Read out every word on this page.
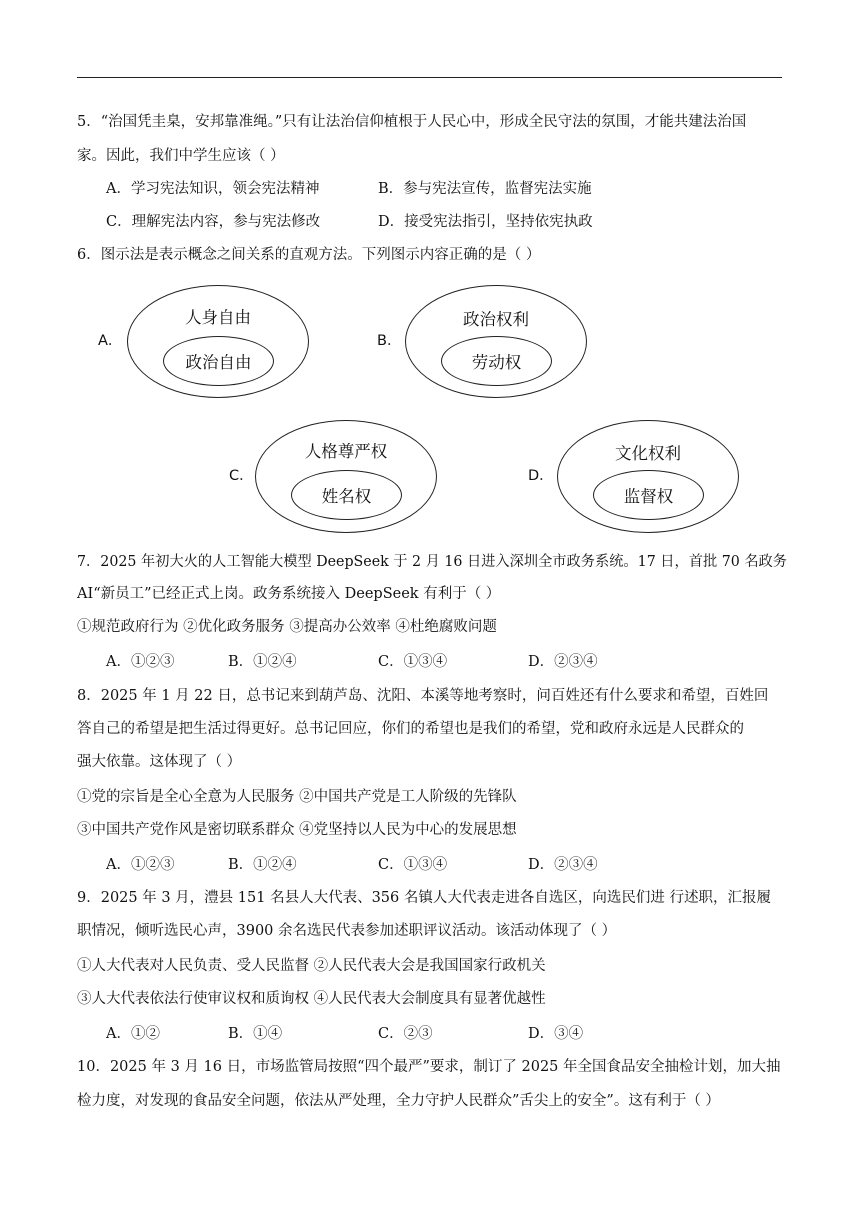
5．“治国凭圭臬，安邦靠准绳。”只有让法治信仰植根于人民心中，形成全民守法的氛围，才能共建法治国
家。因此，我们中学生应该（ ）
A．学习宪法知识，领会宪法精神	B．参与宪法宣传，监督宪法实施
C．理解宪法内容，参与宪法修改	D．接受宪法指引，坚持依宪执政
6．图示法是表示概念之间关系的直观方法。下列图示内容正确的是（ ）
A．
人身自由
政治自由
B．
政治权利
劳动权
C．
人格尊严权
姓名权
D．
文化权利
监督权
7．2025 年初大火的人工智能大模型 DeepSeek 于 2 月 16 日进入深圳全市政务系统。17 日，首批 70 名政务
AI“新员工”已经正式上岗。政务系统接入 DeepSeek 有利于（ ）
①规范政府行为 ②优化政务服务 ③提高办公效率 ④杜绝腐败问题
A．①②③	B．①②④	C．①③④	D．②③④
8．2025 年 1 月 22 日，总书记来到葫芦岛、沈阳、本溪等地考察时，问百姓还有什么要求和希望，百姓回
答自己的希望是把生活过得更好。总书记回应，你们的希望也是我们的希望，党和政府永远是人民群众的
强大依靠。这体现了（ ）
①党的宗旨是全心全意为人民服务 ②中国共产党是工人阶级的先锋队
③中国共产党作风是密切联系群众 ④党坚持以人民为中心的发展思想
A．①②③	B．①②④	C．①③④	D．②③④
9．2025 年 3 月，澧县 151 名县人大代表、356 名镇人大代表走进各自选区，向选民们进 行述职，汇报履
职情况，倾听选民心声，3900 余名选民代表参加述职评议活动。该活动体现了（ ）
①人大代表对人民负责、受人民监督 ②人民代表大会是我国国家行政机关
③人大代表依法行使审议权和质询权 ④人民代表大会制度具有显著优越性
A．①②	B．①④	C．②③	D．③④
10．2025 年 3 月 16 日，市场监管局按照“四个最严”要求，制订了 2025 年全国食品安全抽检计划，加大抽
检力度，对发现的食品安全问题，依法从严处理，全力守护人民群众”舌尖上的安全”。这有利于（ ）
